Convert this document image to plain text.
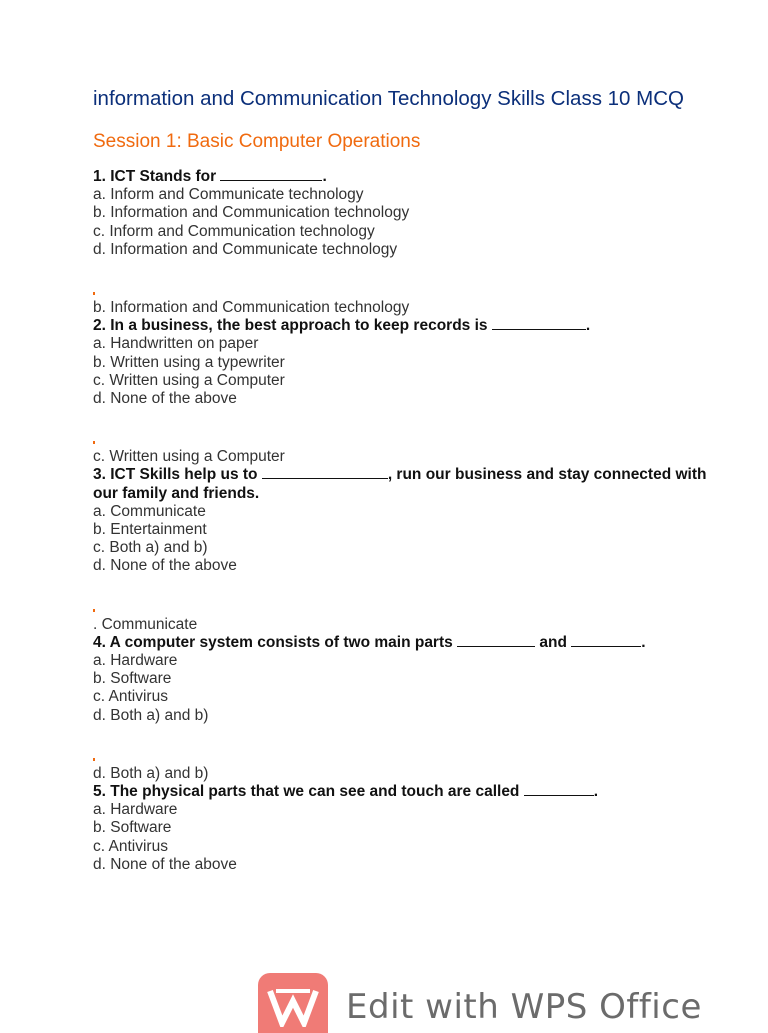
information and Communication Technology Skills Class 10 MCQ
Session 1: Basic Computer Operations
1. ICT Stands for	.
a. Inform and Communicate technology
b. Information and Communication technology
c. Inform and Communication technology
d. Information and Communicate technology
b. Information and Communication technology
2. In a business, the best approach to keep records is	.
a. Handwritten on paper
b. Written using a typewriter
c. Written using a Computer
d. None of the above
c. Written using a Computer
3. ICT Skills help us to	, run our business and stay connected with our family and friends.
a. Communicate
b. Entertainment
c. Both a) and b)
d. None of the above
. Communicate
4. A computer system consists of two main parts	and	.
a. Hardware
b. Software
c. Antivirus
d. Both a) and b)
d. Both a) and b)
5. The physical parts that we can see and touch are called	.
a. Hardware
b. Software
c. Antivirus
d. None of the above
Edit with WPS Office
